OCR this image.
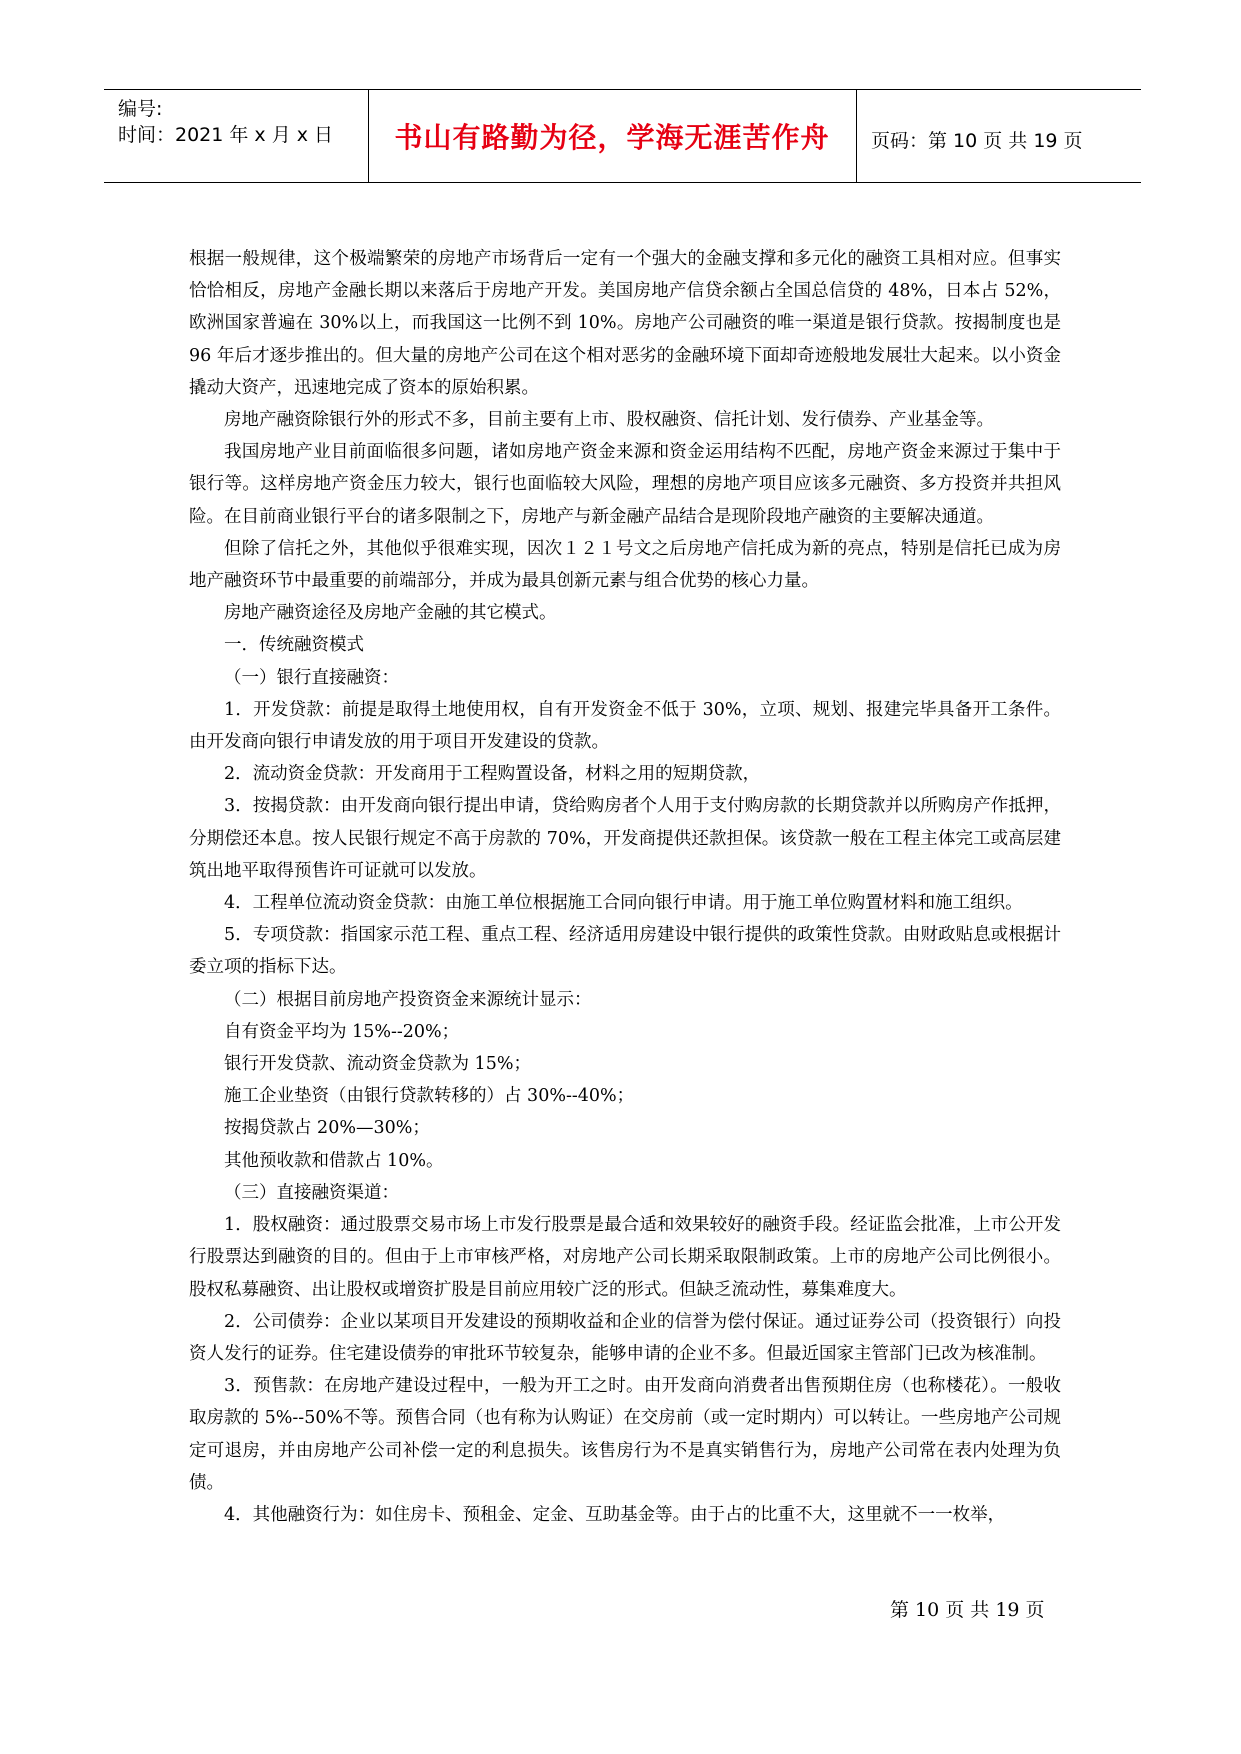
编号:
时间：2021 年 x 月 x 日	书山有路勤为径，学海无涯苦作舟	页码：第 10 页 共 19 页

根据一般规律，这个极端繁荣的房地产市场背后一定有一个强大的金融支撑和多元化的融资工具相对应。但事实恰恰相反，房地产金融长期以来落后于房地产开发。美国房地产信贷余额占全国总信贷的 48%，日本占 52%，欧洲国家普遍在 30%以上，而我国这一比例不到 10%。房地产公司融资的唯一渠道是银行贷款。按揭制度也是 96 年后才逐步推出的。但大量的房地产公司在这个相对恶劣的金融环境下面却奇迹般地发展壮大起来。以小资金撬动大资产，迅速地完成了资本的原始积累。

房地产融资除银行外的形式不多，目前主要有上市、股权融资、信托计划、发行债券、产业基金等。

我国房地产业目前面临很多问题，诸如房地产资金来源和资金运用结构不匹配，房地产资金来源过于集中于银行等。这样房地产资金压力较大，银行也面临较大风险，理想的房地产项目应该多元融资、多方投资并共担风险。在目前商业银行平台的诸多限制之下，房地产与新金融产品结合是现阶段地产融资的主要解决通道。

但除了信托之外，其他似乎很难实现，因次１２１号文之后房地产信托成为新的亮点，特别是信托已成为房地产融资环节中最重要的前端部分，并成为最具创新元素与组合优势的核心力量。

房地产融资途径及房地产金融的其它模式。

一．传统融资模式

（一）银行直接融资：

1．开发贷款：前提是取得土地使用权，自有开发资金不低于 30%，立项、规划、报建完毕具备开工条件。由开发商向银行申请发放的用于项目开发建设的贷款。

2．流动资金贷款：开发商用于工程购置设备，材料之用的短期贷款，

3．按揭贷款：由开发商向银行提出申请，贷给购房者个人用于支付购房款的长期贷款并以所购房产作抵押，分期偿还本息。按人民银行规定不高于房款的 70%，开发商提供还款担保。该贷款一般在工程主体完工或高层建筑出地平取得预售许可证就可以发放。

4．工程单位流动资金贷款：由施工单位根据施工合同向银行申请。用于施工单位购置材料和施工组织。

5．专项贷款：指国家示范工程、重点工程、经济适用房建设中银行提供的政策性贷款。由财政贴息或根据计委立项的指标下达。

（二）根据目前房地产投资资金来源统计显示：

自有资金平均为 15%--20%；

银行开发贷款、流动资金贷款为 15%；

施工企业垫资（由银行贷款转移的）占 30%--40%；

按揭贷款占 20%—30%；

其他预收款和借款占 10%。

（三）直接融资渠道：

1．股权融资：通过股票交易市场上市发行股票是最合适和效果较好的融资手段。经证监会批准，上市公开发行股票达到融资的目的。但由于上市审核严格，对房地产公司长期采取限制政策。上市的房地产公司比例很小。股权私募融资、出让股权或增资扩股是目前应用较广泛的形式。但缺乏流动性，募集难度大。

2．公司债券：企业以某项目开发建设的预期收益和企业的信誉为偿付保证。通过证券公司（投资银行）向投资人发行的证券。住宅建设债券的审批环节较复杂，能够申请的企业不多。但最近国家主管部门已改为核准制。

3．预售款：在房地产建设过程中，一般为开工之时。由开发商向消费者出售预期住房（也称楼花）。一般收取房款的 5%--50%不等。预售合同（也有称为认购证）在交房前（或一定时期内）可以转让。一些房地产公司规定可退房，并由房地产公司补偿一定的利息损失。该售房行为不是真实销售行为，房地产公司常在表内处理为负债。

4．其他融资行为：如住房卡、预租金、定金、互助基金等。由于占的比重不大，这里就不一一枚举，

第 10 页 共 19 页
